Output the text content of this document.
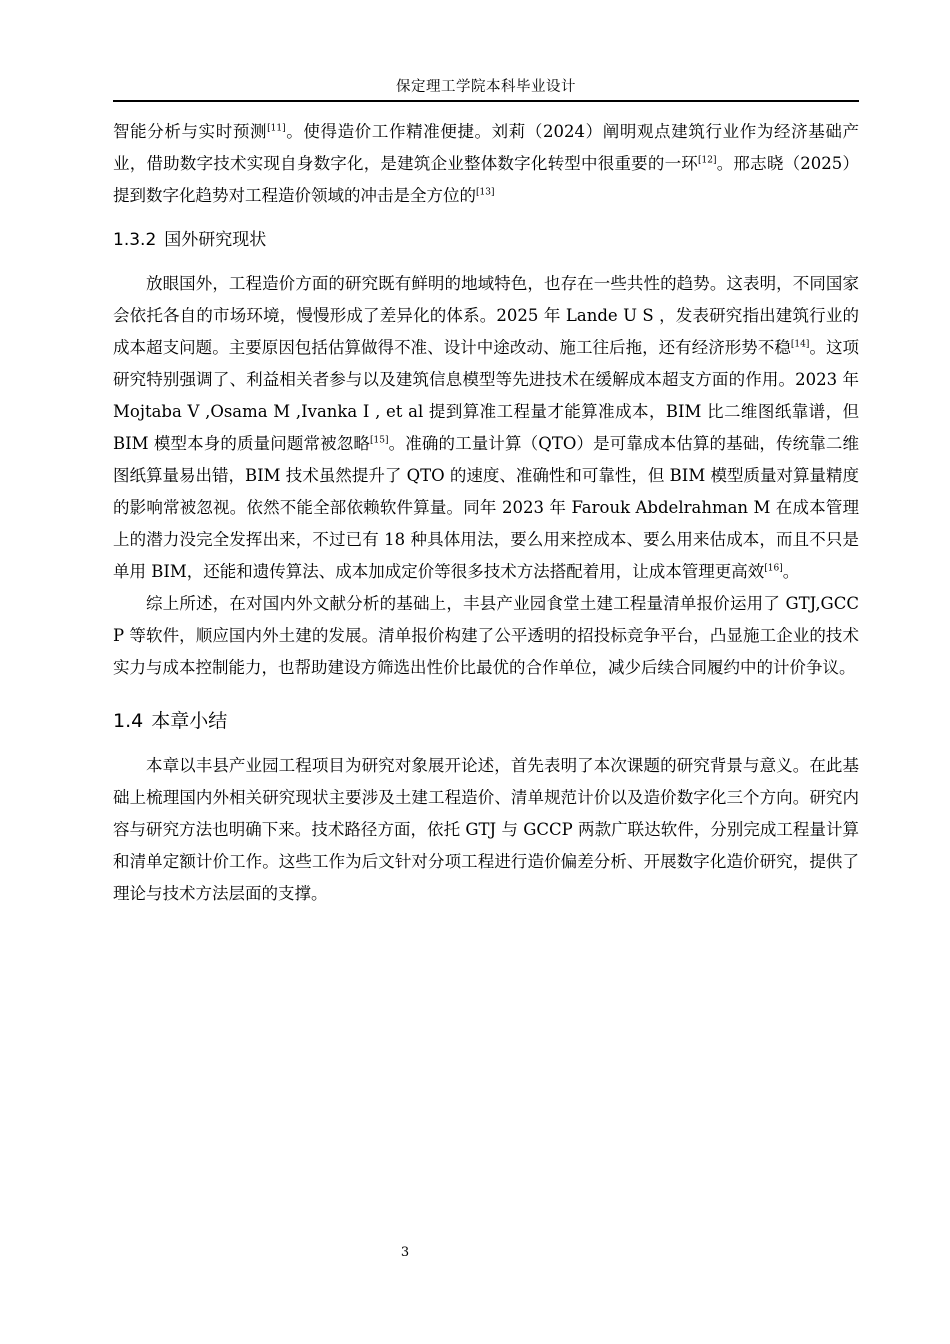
保定理工学院本科毕业设计

智能分析与实时预测[11]。使得造价工作精准便捷。刘莉（2024）阐明观点建筑行业作为经济基础产业，借助数字技术实现自身数字化，是建筑企业整体数字化转型中很重要的一环[12]。邢志晓（2025）提到数字化趋势对工程造价领域的冲击是全方位的[13]

1.3.2 国外研究现状

放眼国外，工程造价方面的研究既有鲜明的地域特色，也存在一些共性的趋势。这表明，不同国家会依托各自的市场环境，慢慢形成了差异化的体系。2025 年 Lande U S ，发表研究指出建筑行业的成本超支问题。主要原因包括估算做得不准、设计中途改动、施工往后拖，还有经济形势不稳[14]。这项研究特别强调了、利益相关者参与以及建筑信息模型等先进技术在缓解成本超支方面的作用。2023 年 Mojtaba V ,Osama M ,Ivanka I , et al 提到算准工程量才能算准成本，BIM 比二维图纸靠谱，但 BIM 模型本身的质量问题常被忽略[15]。准确的工量计算（QTO）是可靠成本估算的基础，传统靠二维图纸算量易出错，BIM 技术虽然提升了 QTO 的速度、准确性和可靠性，但 BIM 模型质量对算量精度的影响常被忽视。依然不能全部依赖软件算量。同年 2023 年 Farouk Abdelrahman M 在成本管理上的潜力没完全发挥出来，不过已有 18 种具体用法，要么用来控成本、要么用来估成本，而且不只是单用 BIM，还能和遗传算法、成本加成定价等很多技术方法搭配着用，让成本管理更高效[16]。

综上所述，在对国内外文献分析的基础上，丰县产业园食堂土建工程量清单报价运用了 GTJ,GCCP 等软件，顺应国内外土建的发展。清单报价构建了公平透明的招投标竞争平台，凸显施工企业的技术实力与成本控制能力，也帮助建设方筛选出性价比最优的合作单位，减少后续合同履约中的计价争议。

1.4 本章小结

本章以丰县产业园工程项目为研究对象展开论述，首先表明了本次课题的研究背景与意义。在此基础上梳理国内外相关研究现状主要涉及土建工程造价、清单规范计价以及造价数字化三个方向。研究内容与研究方法也明确下来。技术路径方面，依托 GTJ 与 GCCP 两款广联达软件，分别完成工程量计算和清单定额计价工作。这些工作为后文针对分项工程进行造价偏差分析、开展数字化造价研究，提供了理论与技术方法层面的支撑。

3
